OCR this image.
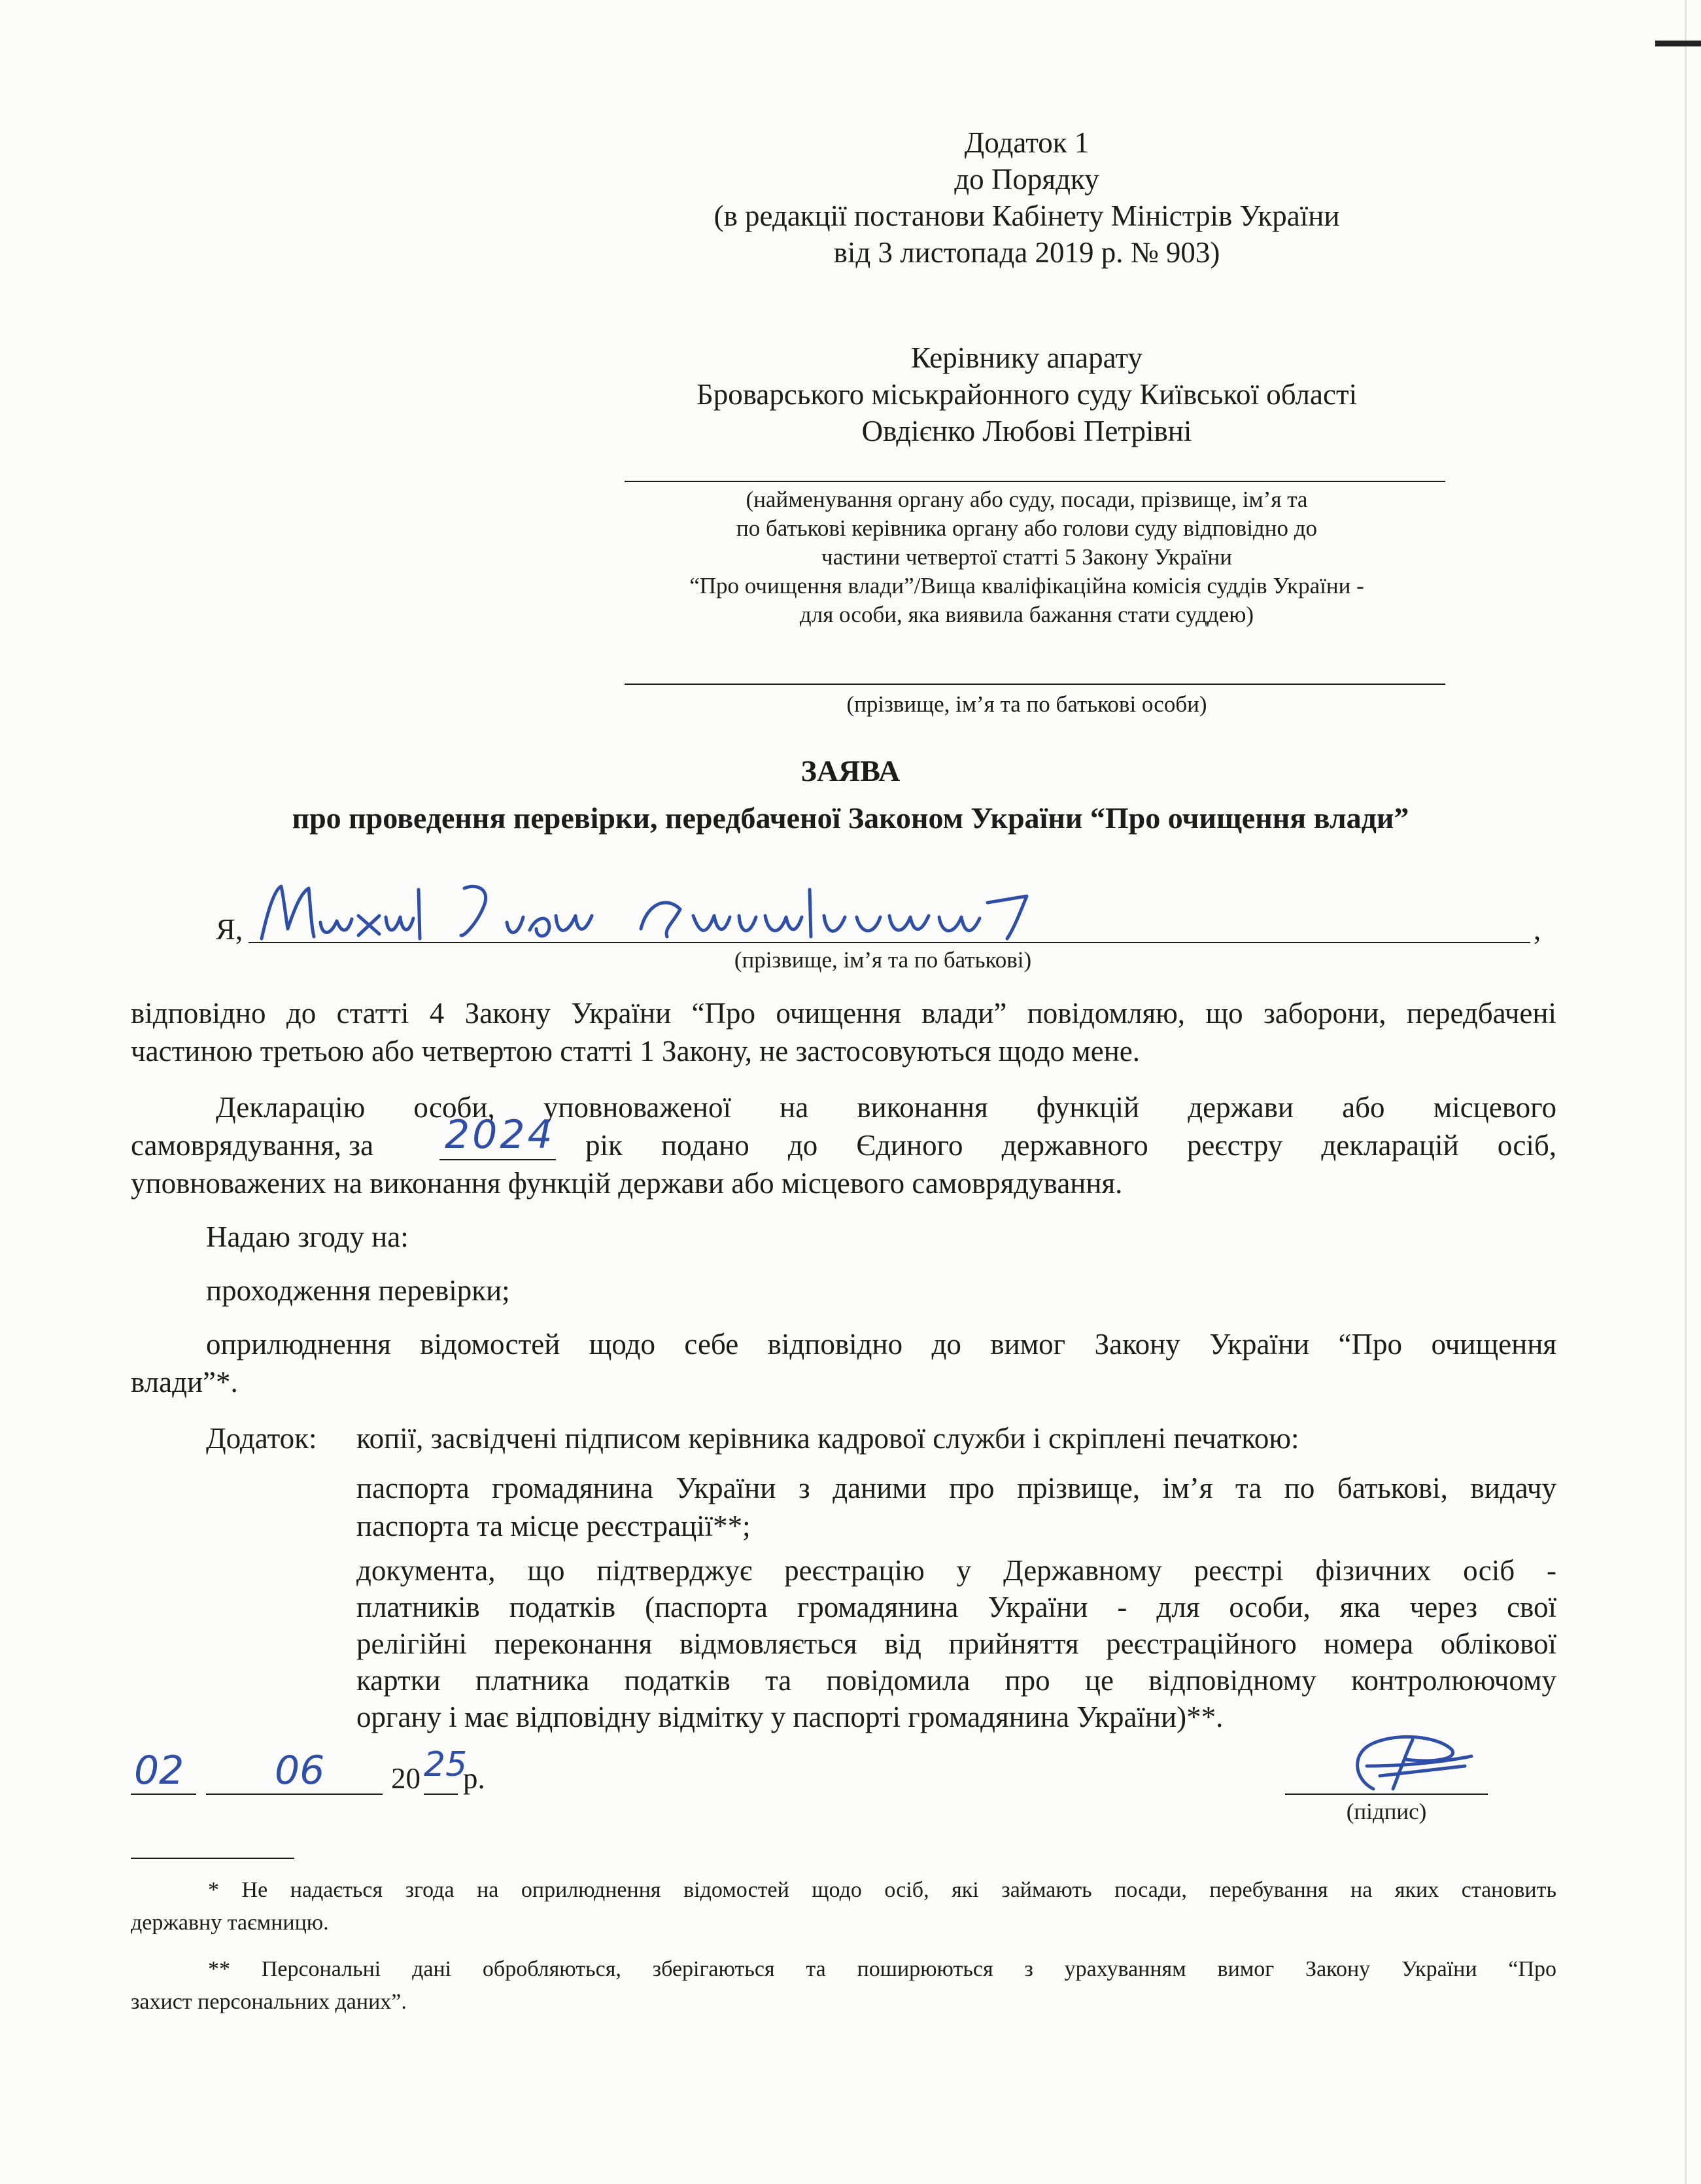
Додаток 1
до Порядку
(в редакції постанови Кабінету Міністрів України
від 3 листопада 2019 р. № 903)
Керівнику апарату
Броварського міськрайонного суду Київської області
Овдієнко Любові Петрівні
(найменування органу або суду, посади, прізвище, ім’я та
по батькові керівника органу або голови суду відповідно до
частини четвертої статті 5 Закону України
“Про очищення влади”/Вища кваліфікаційна комісія суддів України -
для особи, яка виявила бажання стати суддею)
(прізвище, ім’я та по батькові особи)
ЗАЯВА
про проведення перевірки, передбаченої Законом України “Про очищення влади”
Я,	,
(прізвище, ім’я та по батькові)
відповідно до статті 4 Закону України “Про очищення влади” повідомляю, що заборони, передбачені
частиною третьою або четвертою статті 1 Закону, не застосовуються щодо мене.
Декларацію особи, уповноваженої на виконання функцій держави або місцевого
самоврядування, за 2024 рік подано до Єдиного державного реєстру декларацій осіб,
уповноважених на виконання функцій держави або місцевого самоврядування.
Надаю згоду на:
проходження перевірки;
оприлюднення відомостей щодо себе відповідно до вимог Закону України “Про очищення
влади”*.
Додаток: копії, засвідчені підписом керівника кадрової служби і скріплені печаткою:
паспорта громадянина України з даними про прізвище, ім’я та по батькові, видачу
паспорта та місце реєстрації**;
документа, що підтверджує реєстрацію у Державному реєстрі фізичних осіб -
платників податків (паспорта громадянина України - для особи, яка через свої
релігійні переконання відмовляється від прийняття реєстраційного номера облікової
картки платника податків та повідомила про це відповідному контролюючому
органу і має відповідну відмітку у паспорті громадянина України)**.
02 06 20 25
р.
(підпис)
* Не надається згода на оприлюднення відомостей щодо осіб, які займають посади, перебування на яких становить
державну таємницю.
** Персональні дані обробляються, зберігаються та поширюються з урахуванням вимог Закону України “Про
захист персональних даних”.
